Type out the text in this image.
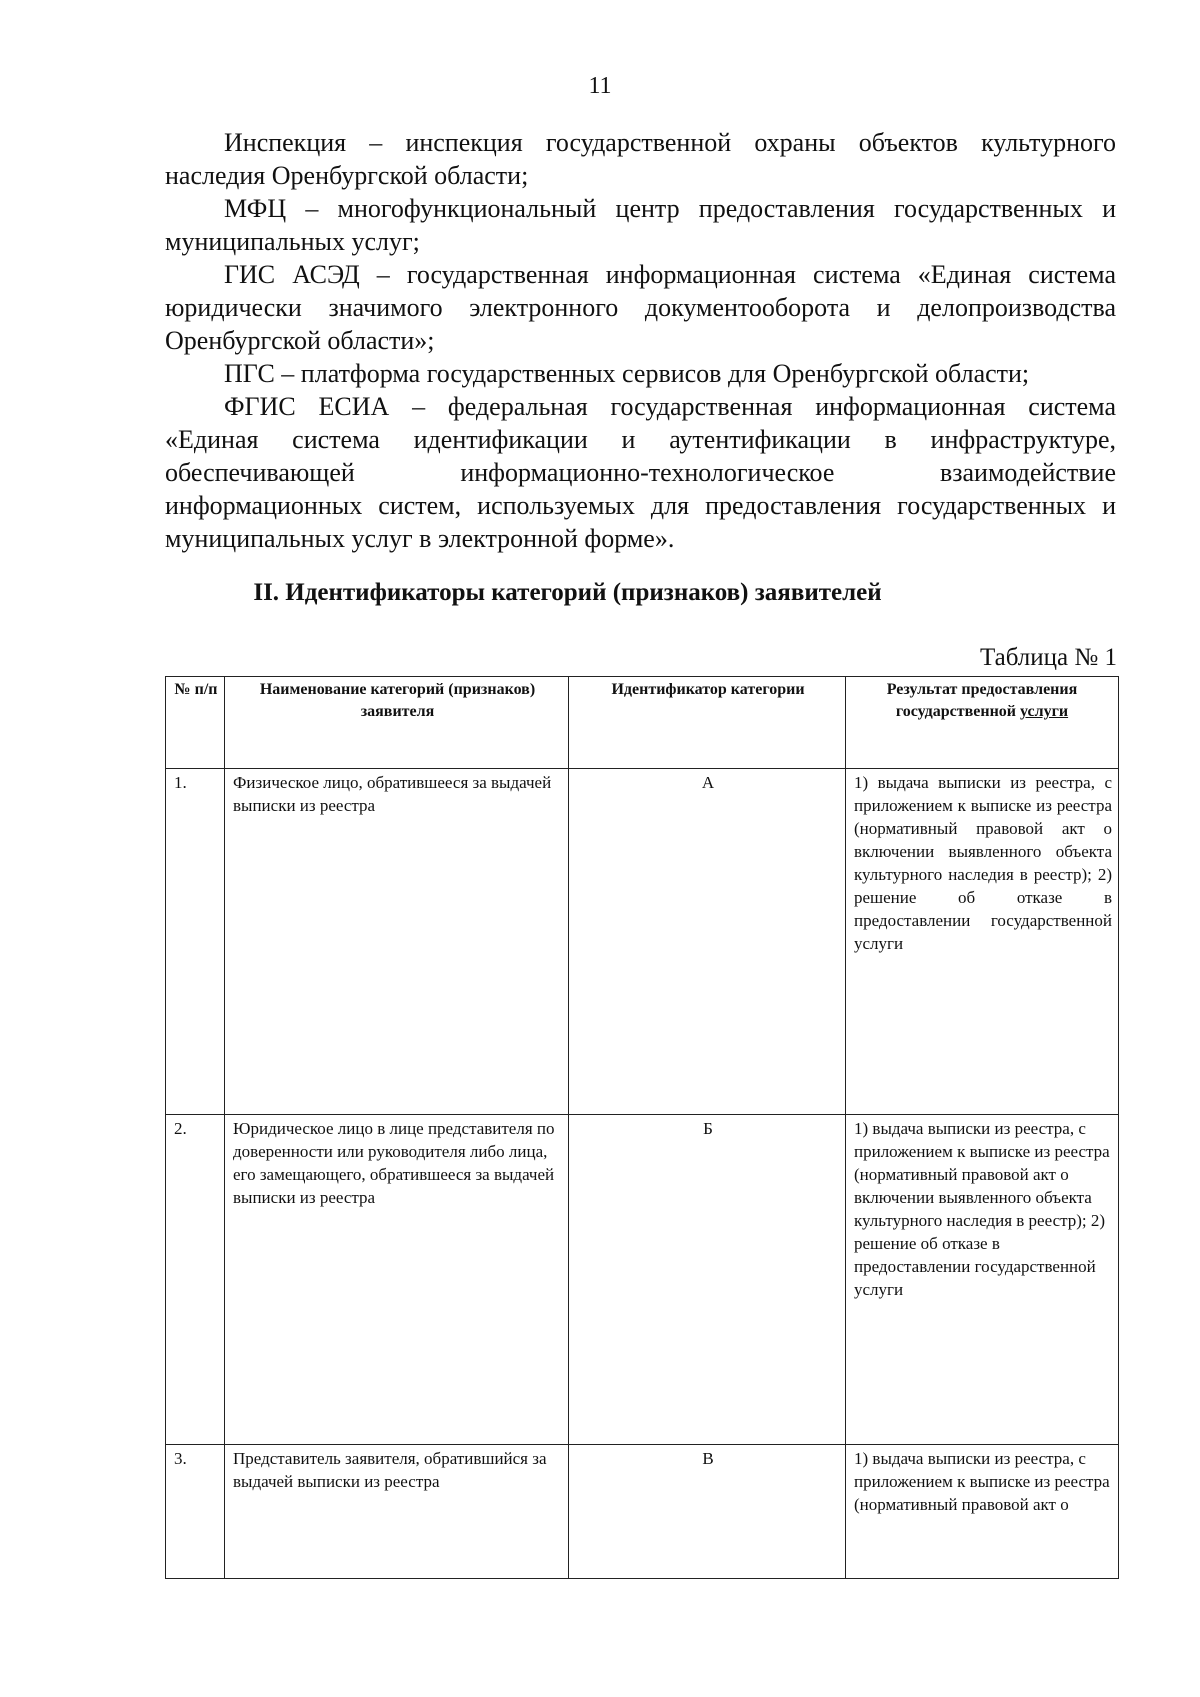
11

Инспекция – инспекция государственной охраны объектов культурного наследия Оренбургской области;

МФЦ – многофункциональный центр предоставления государственных и муниципальных услуг;

ГИС АСЭД – государственная информационная система «Единая система юридически значимого электронного документооборота и делопроизводства Оренбургской области»;

ПГС – платформа государственных сервисов для Оренбургской области;

ФГИС ЕСИА – федеральная государственная информационная система «Единая система идентификации и аутентификации в инфраструктуре, обеспечивающей информационно-технологическое взаимодействие информационных систем, используемых для предоставления государственных и муниципальных услуг в электронной форме».

II. Идентификаторы категорий (признаков) заявителей
Таблица № 1
№ п/п	Наименование категорий (признаков) заявителя	Идентификатор категории	Результат предоставления государственной услуги
1.	Физическое лицо, обратившееся за выдачей выписки из реестра	А	1) выдача выписки из реестра, с приложением к выписке из реестра (нормативный правовой акт о включении выявленного объекта культурного наследия в реестр); 2) решение об отказе в предоставлении государственной услуги
2.	Юридическое лицо в лице представителя по доверенности или руководителя либо лица, его замещающего, обратившееся за выдачей выписки из реестра	Б	1) выдача выписки из реестра, с приложением к выписке из реестра (нормативный правовой акт о включении выявленного объекта культурного наследия в реестр); 2) решение об отказе в предоставлении государственной услуги
3.	Представитель заявителя, обратившийся за выдачей выписки из реестра	В	1) выдача выписки из реестра, с приложением к выписке из реестра (нормативный правовой акт о
